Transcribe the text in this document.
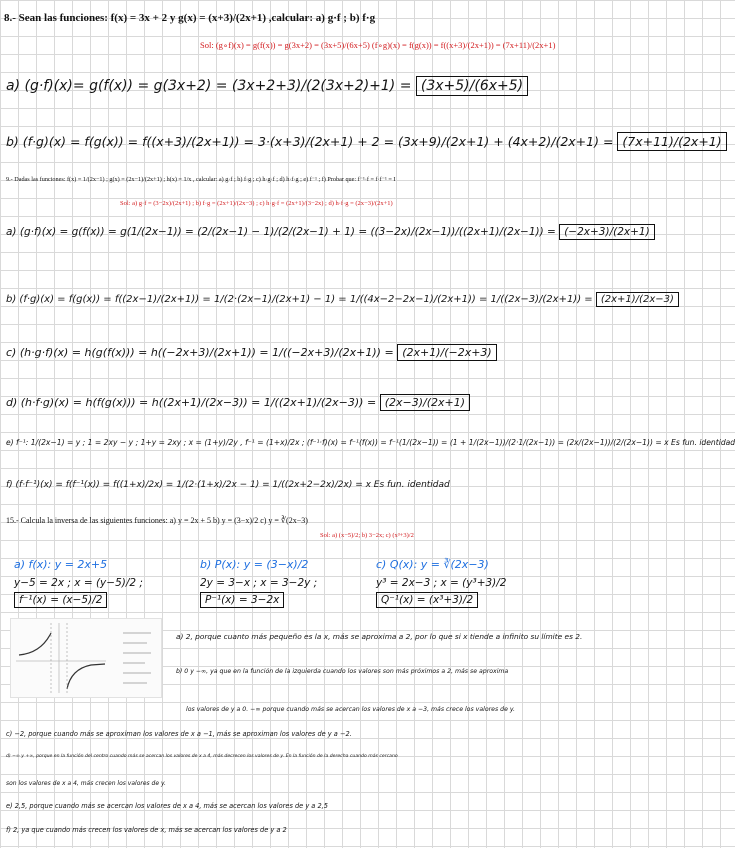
8.- Sean las funciones: f(x) = 3x + 2 y g(x) = (x+3)/(2x+1) ,calcular: a) g·f ; b) f·g
Sol: (g∘f)(x) = g(f(x)) = g(3x+2) = (3x+5)/(6x+5) (f∘g)(x) = f(g(x)) = f((x+3)/(2x+1)) = (7x+11)/(2x+1)
a) (g·f)(x)= g(f(x)) = g(3x+2) = (3x+2+3)/(2(3x+2)+1) = (3x+5)/(6x+5)
b) (f·g)(x) = f(g(x)) = f((x+3)/(2x+1)) = 3·(x+3)/(2x+1) + 2 = (3x+9)/(2x+1) + (4x+2)/(2x+1) = (7x+11)/(2x+1)
9.- Dadas las funciones: f(x) = 1/(2x−1) ; g(x) = (2x−1)/(2x+1) ; h(x) = 1/x , calcular: a) g·f ; b) f·g ; c) h·g·f ; d) h·f·g ; e) f⁻¹ ; f) Probar que: f⁻¹·f = f·f⁻¹ = I
Sol: a) g·f = (3−2x)/(2x+1) ; b) f·g = (2x+1)/(2x−3) ; c) h·g·f = (2x+1)/(3−2x) ; d) h·f·g = (2x−3)/(2x+1)
a) (g·f)(x) = g(f(x)) = g(1/(2x−1)) = (2/(2x−1) − 1)/(2/(2x−1) + 1) = ((3−2x)/(2x−1))/((2x+1)/(2x−1)) = (−2x+3)/(2x+1)
b) (f·g)(x) = f(g(x)) = f((2x−1)/(2x+1)) = 1/(2·(2x−1)/(2x+1) − 1) = 1/((4x−2−2x−1)/(2x+1)) = 1/((2x−3)/(2x+1)) = (2x+1)/(2x−3)
c) (h·g·f)(x) = h(g(f(x))) = h((−2x+3)/(2x+1)) = 1/((−2x+3)/(2x+1)) = (2x+1)/(−2x+3)
d) (h·f·g)(x) = h(f(g(x))) = h((2x+1)/(2x−3)) = 1/((2x+1)/(2x−3)) = (2x−3)/(2x+1)
e) f⁻¹: 1/(2x−1) = y ; 1 = 2xy − y ; 1+y = 2xy ; x = (1+y)/2y , f⁻¹ = (1+x)/2x ; (f⁻¹·f)(x) = f⁻¹(f(x)) = f⁻¹(1/(2x−1)) = (1 + 1/(2x−1))/(2·1/(2x−1)) = (2x/(2x−1))/(2/(2x−1)) = x Es fun. identidad
f) (f·f⁻¹)(x) = f(f⁻¹(x)) = f((1+x)/2x) = 1/(2·(1+x)/2x − 1) = 1/((2x+2−2x)/2x) = x Es fun. identidad
15.- Calcula la inversa de las siguientes funciones: a) y = 2x + 5 b) y = (3−x)/2 c) y = ∛(2x−3)
Sol: a) (x−5)/2; b) 3−2x; c) (x³+3)/2
a) f(x): y = 2x+5
y−5 = 2x ; x = (y−5)/2 ;
f⁻¹(x) = (x−5)/2
b) P(x): y = (3−x)/2
2y = 3−x ; x = 3−2y ;
P⁻¹(x) = 3−2x
c) Q(x): y = ∛(2x−3)
y³ = 2x−3 ; x = (y³+3)/2
Q⁻¹(x) = (x³+3)/2
a) 2, porque cuanto más pequeño es la x, más se aproxima a 2, por lo que si x tiende a infinito su límite es 2.
b) 0 y −∞, ya que en la función de la izquierda cuando los valores son más próximos a 2, más se aproxima
los valores de y a 0. −∞ porque cuando más se acercan los valores de x a −3, más crece los valores de y.
c) −2, porque cuando más se aproximan los valores de x a −1, más se aproximan los valores de y a −2.
d) −∞ y +∞, porque en la función del centro cuando más se acercan los valores de x a 4, más decrecen los valores de y. En la función de la derecha cuando más cercano
son los valores de x a 4, más crecen los valores de y.
e) 2,5, porque cuando más se acercan los valores de x a 4, más se acercan los valores de y a 2,5
f) 2, ya que cuando más crecen los valores de x, más se acercan los valores de y a 2
